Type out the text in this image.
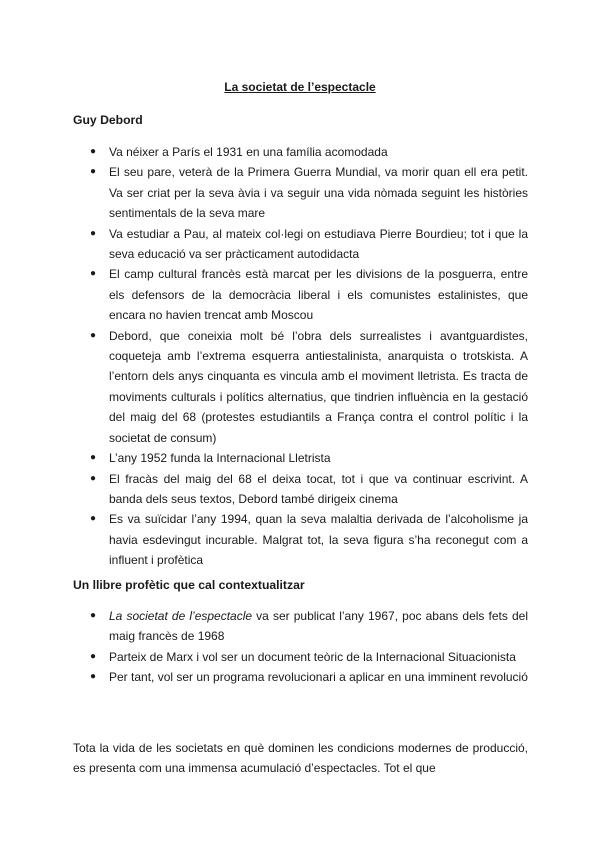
La societat de l’espectacle
Guy Debord
● Va néixer a París el 1931 en una família acomodada
● El seu pare, veterà de la Primera Guerra Mundial, va morir quan ell era petit. Va ser criat per la seva àvia i va seguir una vida nòmada seguint les històries sentimentals de la seva mare
● Va estudiar a Pau, al mateix col·legi on estudiava Pierre Bourdieu; tot i que la seva educació va ser pràcticament autodidacta
● El camp cultural francès està marcat per les divisions de la posguerra, entre els defensors de la democràcia liberal i els comunistes estalinistes, que encara no havien trencat amb Moscou
● Debord, que coneixia molt bé l’obra dels surrealistes i avantguardistes, coqueteja amb l’extrema esquerra antiestalinista, anarquista o trotskista. A l’entorn dels anys cinquanta es vincula amb el moviment lletrista. Es tracta de moviments culturals i polítics alternatius, que tindrien influència en la gestació del maig del 68 (protestes estudiantils a França contra el control polític i la societat de consum)
● L’any 1952 funda la Internacional Lletrista
● El fracàs del maig del 68 el deixa tocat, tot i que va continuar escrivint. A banda dels seus textos, Debord també dirigeix cinema
● Es va suïcidar l’any 1994, quan la seva malaltia derivada de l’alcoholisme ja havia esdevingut incurable. Malgrat tot, la seva figura s’ha reconegut com a influent i profètica
Un llibre profètic que cal contextualitzar
● La societat de l’espectacle va ser publicat l’any 1967, poc abans dels fets del maig francès de 1968
● Parteix de Marx i vol ser un document teòric de la Internacional Situacionista
● Per tant, vol ser un programa revolucionari a aplicar en una imminent revolució

Tota la vida de les societats en què dominen les condicions modernes de producció, es presenta com una immensa acumulació d’espectacles. Tot el que
